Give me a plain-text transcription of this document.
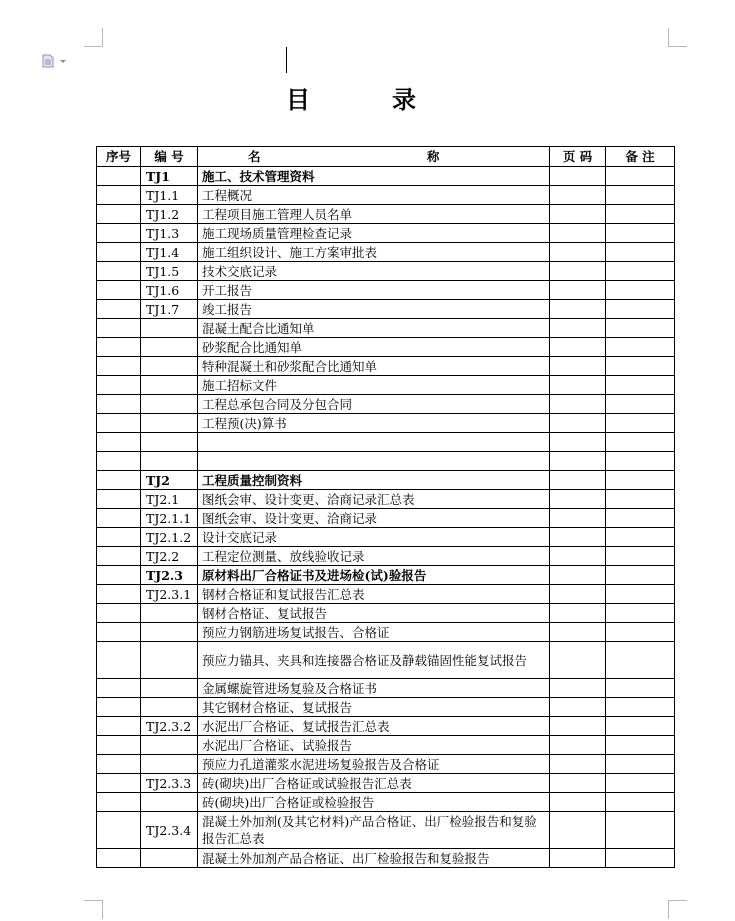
目	录
序号	编 号	名 称	页 码	备 注
	TJ1	施工、技术管理资料		
	TJ1.1	工程概况		
	TJ1.2	工程项目施工管理人员名单		
	TJ1.3	施工现场质量管理检查记录		
	TJ1.4	施工组织设计、施工方案审批表		
	TJ1.5	技术交底记录		
	TJ1.6	开工报告		
	TJ1.7	竣工报告		
		混凝土配合比通知单		
		砂浆配合比通知单		
		特种混凝土和砂浆配合比通知单		
		施工招标文件		
		工程总承包合同及分包合同		
		工程预(决)算书		

	TJ2	工程质量控制资料		
	TJ2.1	图纸会审、设计变更、洽商记录汇总表		
	TJ2.1.1	图纸会审、设计变更、洽商记录		
	TJ2.1.2	设计交底记录		
	TJ2.2	工程定位测量、放线验收记录		
	TJ2.3	原材料出厂合格证书及进场检(试)验报告		
	TJ2.3.1	钢材合格证和复试报告汇总表		
		钢材合格证、复试报告		
		预应力钢筋进场复试报告、合格证		
		预应力锚具、夹具和连接器合格证及静载锚固性能复试报告		
		金属螺旋管进场复验及合格证书		
		其它钢材合格证、复试报告		
	TJ2.3.2	水泥出厂合格证、复试报告汇总表		
		水泥出厂合格证、试验报告		
		预应力孔道灌浆水泥进场复验报告及合格证		
	TJ2.3.3	砖(砌块)出厂合格证或试验报告汇总表		
		砖(砌块)出厂合格证或检验报告		
	TJ2.3.4	混凝土外加剂(及其它材料)产品合格证、出厂检验报告和复验报告汇总表		
		混凝土外加剂产品合格证、出厂检验报告和复验报告		
